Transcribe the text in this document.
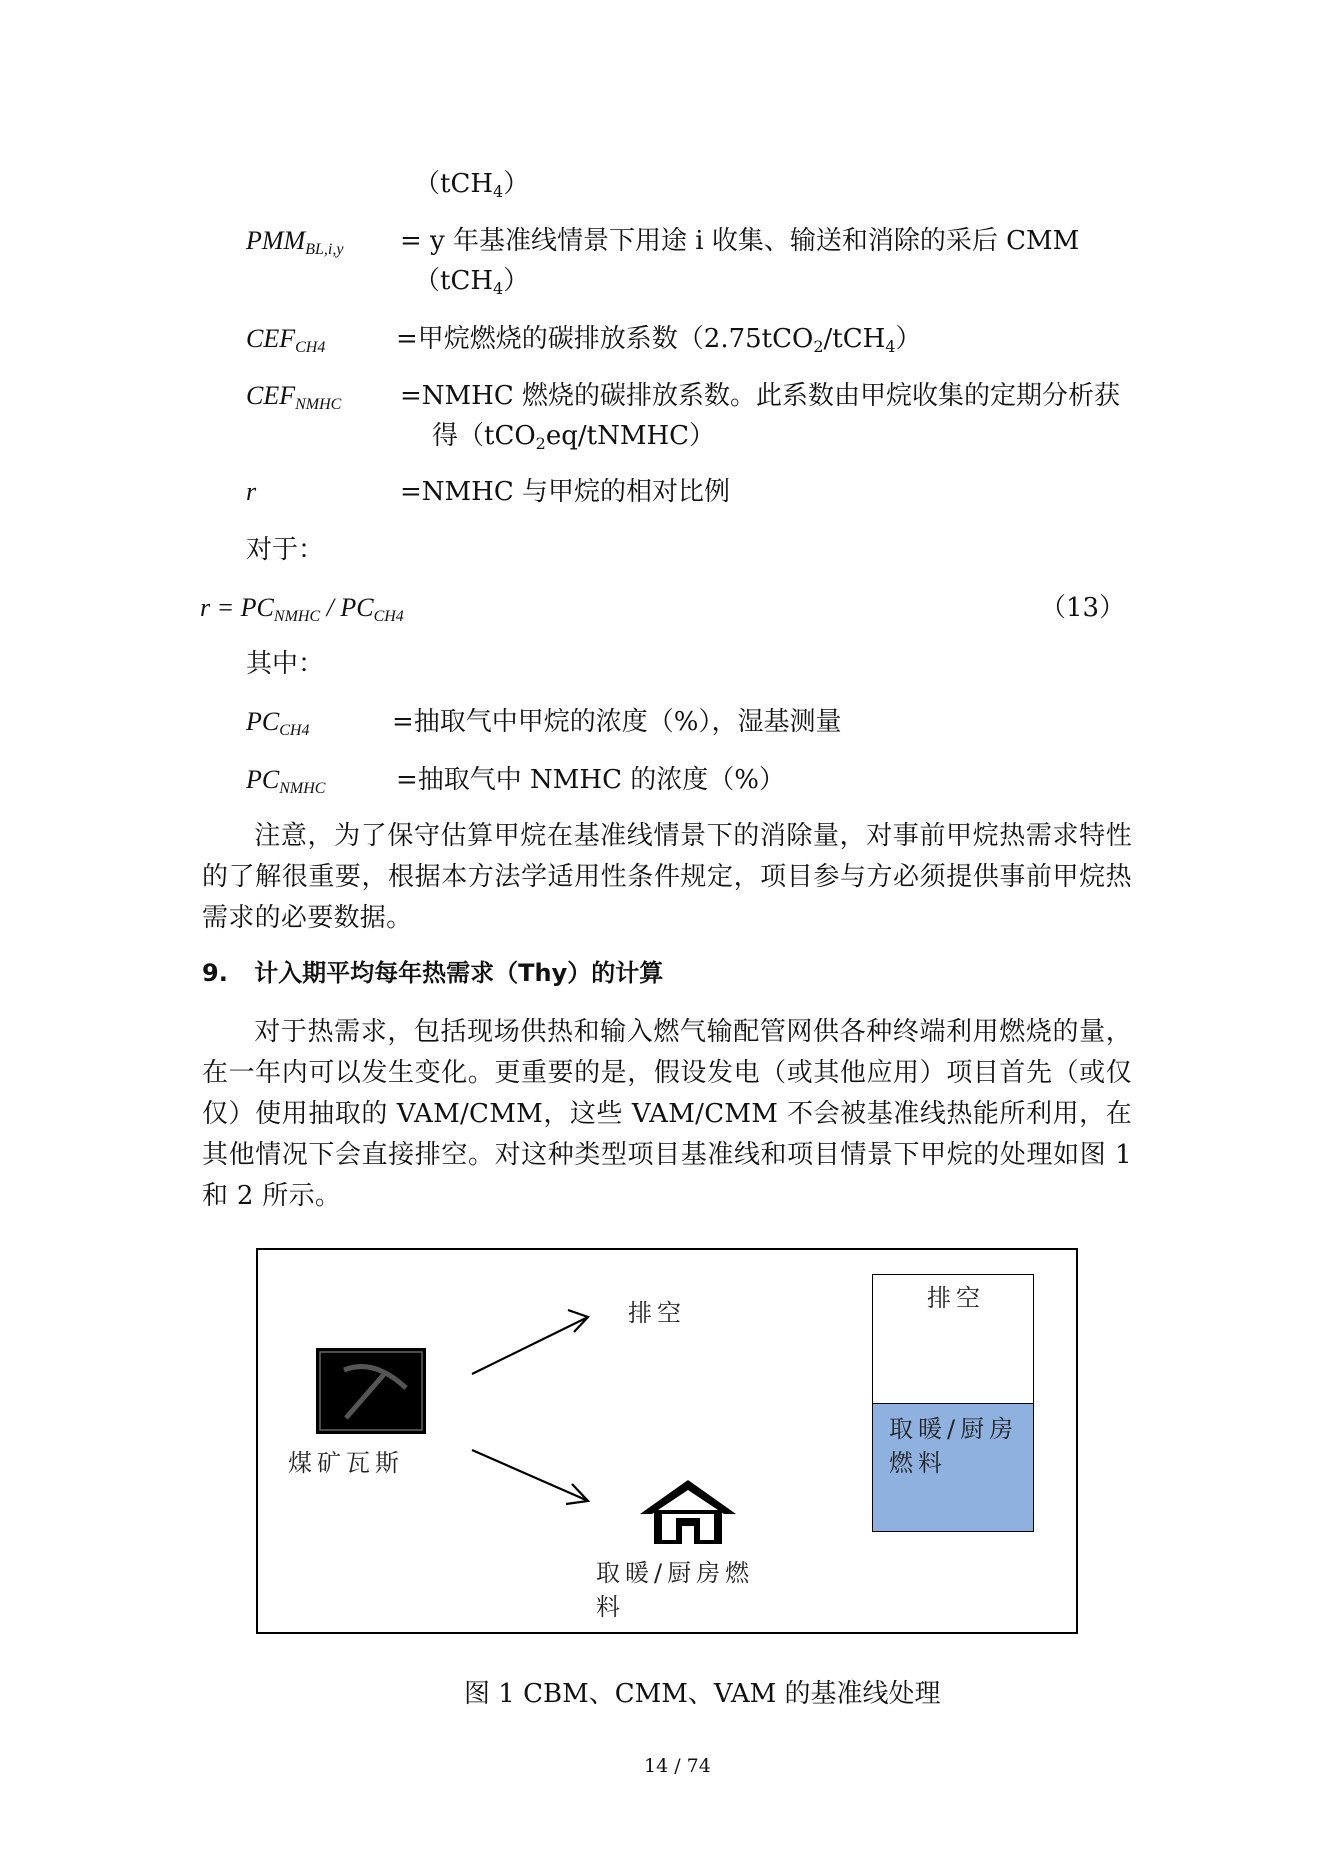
（tCH$_4$）
$PMM_{BL,i,y} = y$ 年基准线情景下用途 i 收集、输送和消除的采后 CMM
（tCH$_4$）
$CEF_{CH4}$	=甲烷燃烧的碳排放系数（2.75tCO$_2$/tCH$_4$）
$CEF_{NMHC}$ =NMHC 燃烧的碳排放系数。此系数由甲烷收集的定期分析获
得（tCO$_2$eq/tNMHC）
r	=NMHC 与甲烷的相对比例
对于：
$r = PC_{NMHC} / PC_{CH4}$	（13）
其中：
$PC_{CH4}$	=抽取气中甲烷的浓度（%），湿基测量
$PC_{NMHC}$	=抽取气中 NMHC 的浓度（%）
注意，为了保守估算甲烷在基准线情景下的消除量，对事前甲烷热需求特性的了解很重要，根据本方法学适用性条件规定，项目参与方必须提供事前甲烷热需求的必要数据。
9. 计入期平均每年热需求（Thy）的计算
对于热需求，包括现场供热和输入燃气输配管网供各种终端利用燃烧的量，在一年内可以发生变化。更重要的是，假设发电（或其他应用）项目首先（或仅仅）使用抽取的 VAM/CMM，这些 VAM/CMM 不会被基准线热能所利用，在其他情况下会直接排空。对这种类型项目基准线和项目情景下甲烷的处理如图 1 和 2 所示。
煤矿瓦斯
排空
取暖/厨房燃
料
排空
取暖/厨房
燃料
图 1 CBM、CMM、VAM 的基准线处理
14 / 74
